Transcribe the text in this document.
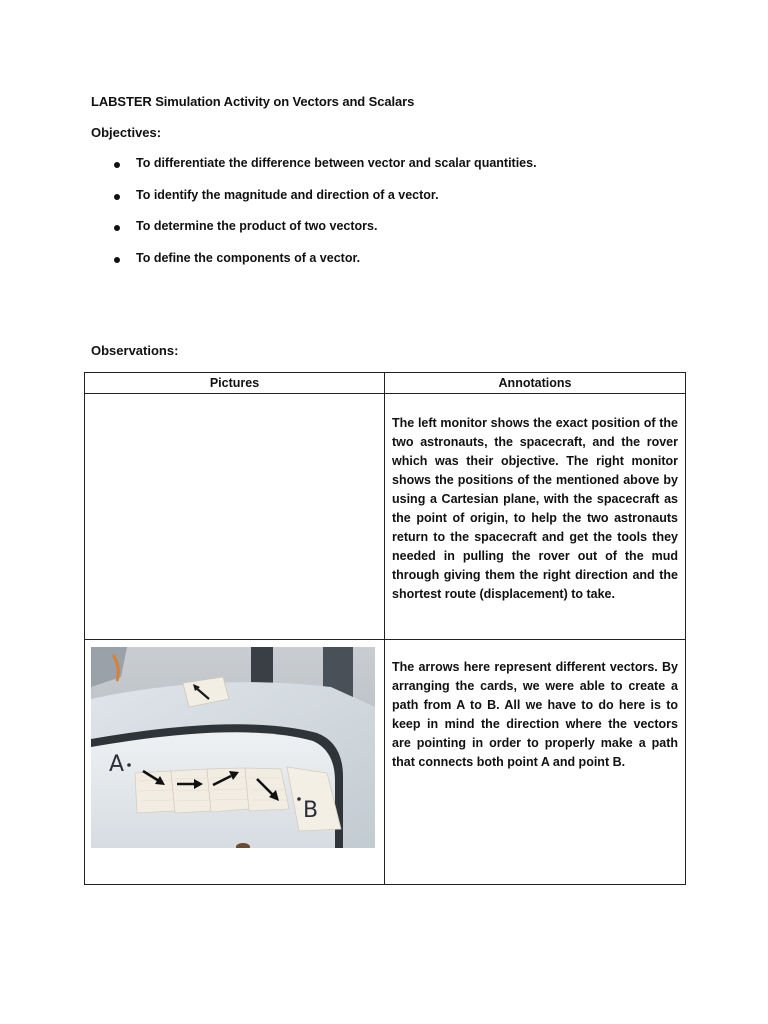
LABSTER Simulation Activity on Vectors and Scalars
Objectives:
To differentiate the difference between vector and scalar quantities.
To identify the magnitude and direction of a vector.
To determine the product of two vectors.
To define the components of a vector.
Observations:
Pictures	Annotations

	The left monitor shows the exact position of the two astronauts, the spacecraft, and the rover which was their objective. The right monitor shows the positions of the mentioned above by using a Cartesian plane, with the spacecraft as the point of origin, to help the two astronauts return to the spacecraft and get the tools they needed in pulling the rover out of the mud through giving them the right direction and the shortest route (displacement) to take.

A
B	The arrows here represent different vectors. By arranging the cards, we were able to create a path from A to B. All we have to do here is to keep in mind the direction where the vectors are pointing in order to properly make a path that connects both point A and point B.
